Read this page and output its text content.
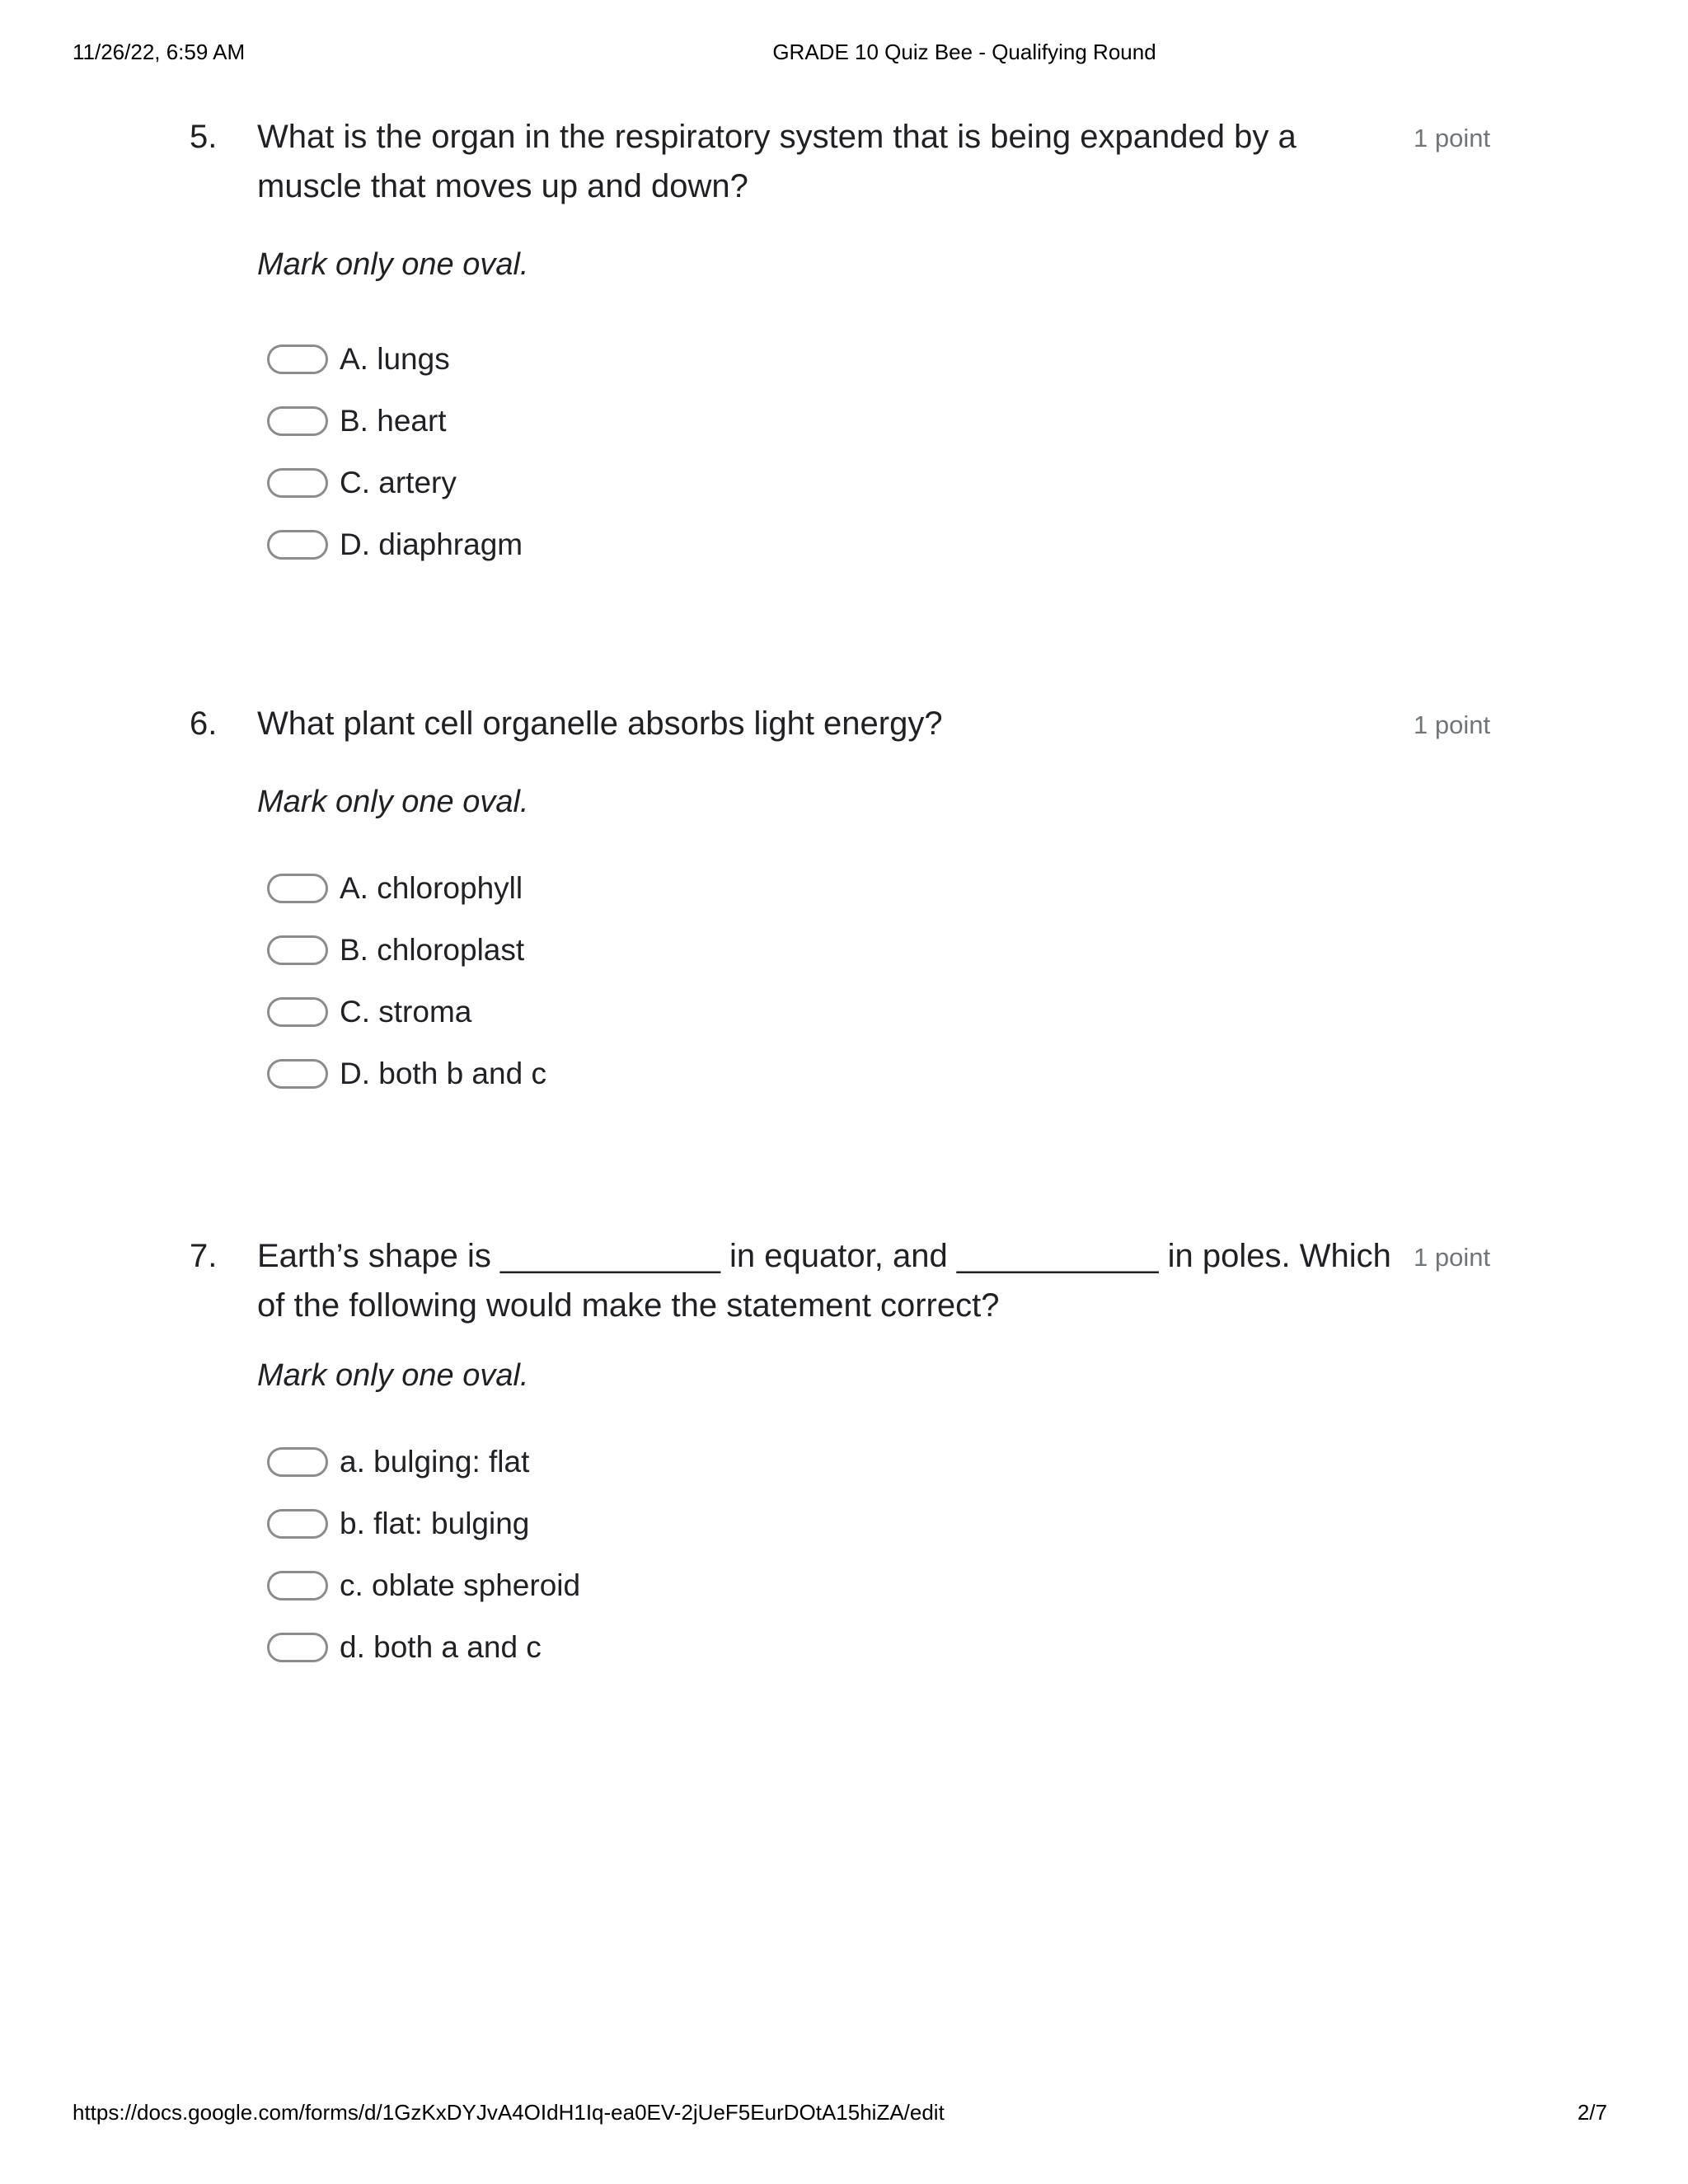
11/26/22, 6:59 AM	GRADE 10 Quiz Bee - Qualifying Round
5. What is the organ in the respiratory system that is being expanded by a muscle that moves up and down?
1 point
Mark only one oval.
A. lungs
B. heart
C. artery
D. diaphragm
6. What plant cell organelle absorbs light energy?	1 point
Mark only one oval.
A. chlorophyll
B. chloroplast
C. stroma
D. both b and c
7. Earth’s shape is ____________ in equator, and ___________ in poles. Which of the following would make the statement correct?
1 point
Mark only one oval.
a. bulging: flat
b. flat: bulging
c. oblate spheroid
d. both a and c
https://docs.google.com/forms/d/1GzKxDYJvA4OIdH1Iq-ea0EV-2jUeF5EurDOtA15hiZA/edit	2/7
